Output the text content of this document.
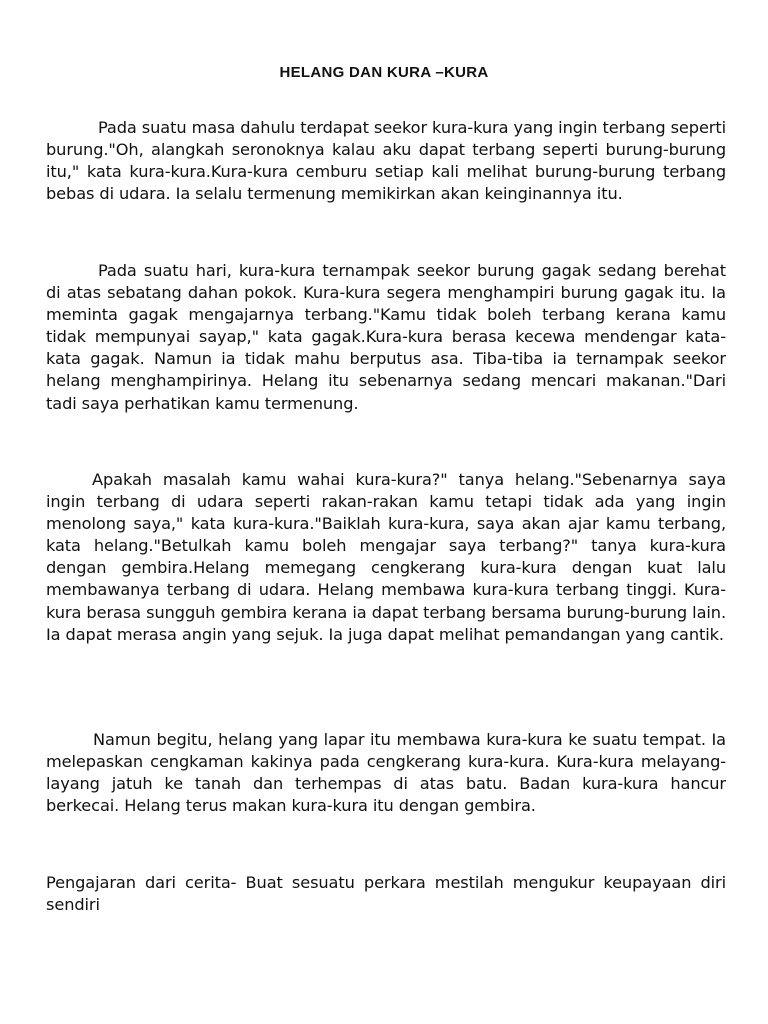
HELANG DAN KURA –KURA

Pada suatu masa dahulu terdapat seekor kura-kura yang ingin terbang seperti burung."Oh, alangkah seronoknya kalau aku dapat terbang seperti burung-burung itu," kata kura-kura.Kura-kura cemburu setiap kali melihat burung-burung terbang bebas di udara. Ia selalu termenung memikirkan akan keinginannya itu.

Pada suatu hari, kura-kura ternampak seekor burung gagak sedang berehat di atas sebatang dahan pokok. Kura-kura segera menghampiri burung gagak itu. Ia meminta gagak mengajarnya terbang."Kamu tidak boleh terbang kerana kamu tidak mempunyai sayap," kata gagak.Kura-kura berasa kecewa mendengar kata-kata gagak. Namun ia tidak mahu berputus asa. Tiba-tiba ia ternampak seekor helang menghampirinya. Helang itu sebenarnya sedang mencari makanan."Dari tadi saya perhatikan kamu termenung.

Apakah masalah kamu wahai kura-kura?" tanya helang."Sebenarnya saya ingin terbang di udara seperti rakan-rakan kamu tetapi tidak ada yang ingin menolong saya," kata kura-kura."Baiklah kura-kura, saya akan ajar kamu terbang, kata helang."Betulkah kamu boleh mengajar saya terbang?" tanya kura-kura dengan gembira.Helang memegang cengkerang kura-kura dengan kuat lalu membawanya terbang di udara. Helang membawa kura-kura terbang tinggi. Kura-kura berasa sungguh gembira kerana ia dapat terbang bersama burung-burung lain. Ia dapat merasa angin yang sejuk. Ia juga dapat melihat pemandangan yang cantik.

Namun begitu, helang yang lapar itu membawa kura-kura ke suatu tempat. Ia melepaskan cengkaman kakinya pada cengkerang kura-kura. Kura-kura melayang-layang jatuh ke tanah dan terhempas di atas batu. Badan kura-kura hancur berkecai. Helang terus makan kura-kura itu dengan gembira.

Pengajaran dari cerita- Buat sesuatu perkara mestilah mengukur keupayaan diri sendiri
